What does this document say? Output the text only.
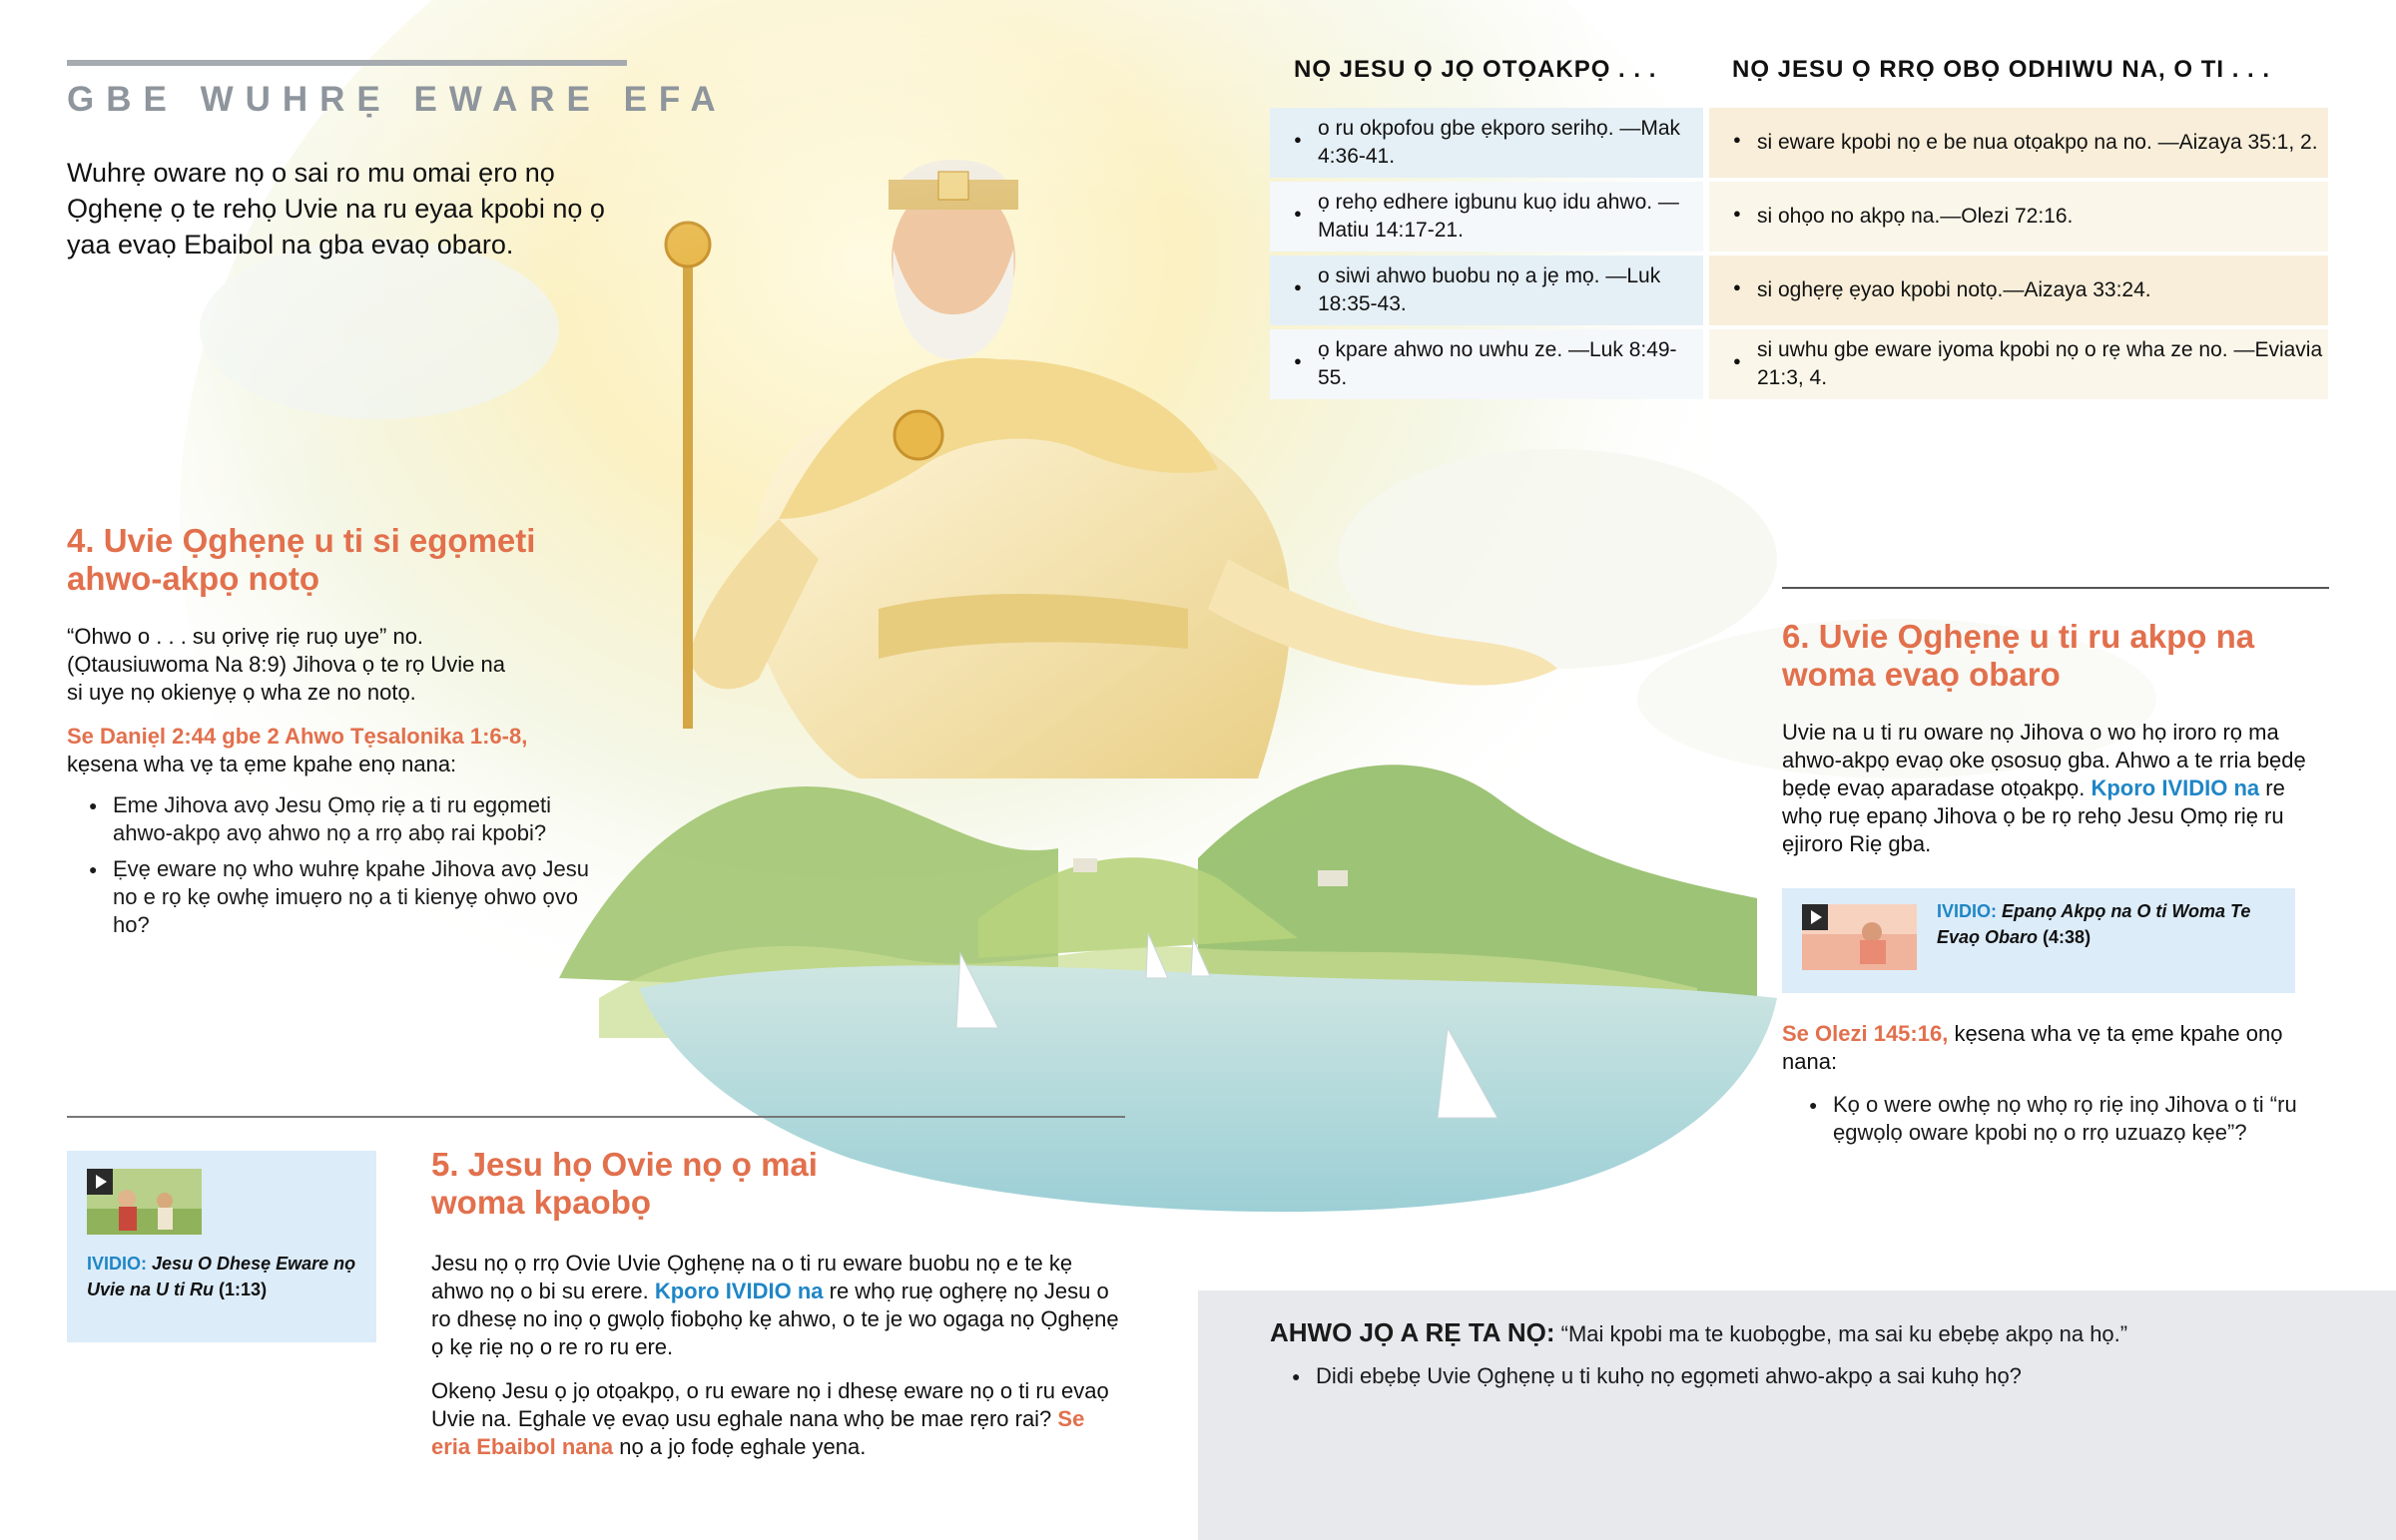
GBE WUHRẸ EWARE EFA
Wuhrẹ oware nọ o sai ro mu omai ẹro nọ Ọghẹnẹ ọ te rehọ Uvie na ru eyaa kpobi nọ ọ yaa evaọ Ebaibol na gba evaọ obaro.
NỌ JESU Ọ JỌ OTỌAKPỌ . . .	NỌ JESU Ọ RRỌ OBỌ ODHIWU NA, O TI . . .
● o ru okpofou gbe ẹkporo serihọ. —Mak 4:36-41.
● ọ rehọ edhere igbunu kuọ idu ahwo. —Matiu 14:17-21.
● o siwi ahwo buobu nọ a jẹ mọ. —Luk 18:35-43.
● ọ kpare ahwo no uwhu ze. —Luk 8:49-55.
● si eware kpobi nọ e be nua otọakpọ na no. —Aizaya 35:1, 2.
● si ohọo no akpọ na.—Olezi 72:16.
● si oghẹrẹ ẹyao kpobi notọ.—Aizaya 33:24.
● si uwhu gbe eware iyoma kpobi nọ o rẹ wha ze no. —Eviavia 21:3, 4.
4. Uvie Ọghẹnẹ u ti si egọmeti ahwo-akpọ notọ
“Ohwo o . . . su ọrivẹ riẹ ruọ uye” no. (Ọtausiuwoma Na 8:9) Jihova ọ te rọ Uvie na si uye nọ okienyẹ ọ wha ze no notọ.
Se Daniẹl 2:44 gbe 2 Ahwo Tẹsalonika 1:6-8, kẹsena wha vẹ ta ẹme kpahe enọ nana:
● Eme Jihova avọ Jesu Ọmọ riẹ a ti ru egọmeti ahwo-akpọ avọ ahwo nọ a rrọ abọ rai kpobi?
● Ẹvẹ eware nọ who wuhrẹ kpahe Jihova avọ Jesu no e rọ kẹ owhẹ imuẹro nọ a ti kienyẹ ohwo ọvo ho?
IVIDIO: Jesu O Dhesẹ Eware nọ Uvie na U ti Ru (1:13)
5. Jesu họ Ovie nọ ọ mai woma kpaobọ
Jesu nọ ọ rrọ Ovie Uvie Ọghẹnẹ na o ti ru eware buobu nọ e te kẹ ahwo nọ o bi su erere. Kporo IVIDIO na re whọ ruẹ oghẹrẹ nọ Jesu o ro dhesẹ no inọ ọ gwọlọ fiobọhọ kẹ ahwo, o te je wo ogaga nọ Ọghẹnẹ ọ kẹ riẹ nọ o re ro ru ere.
Okenọ Jesu ọ jọ otọakpọ, o ru eware nọ i dhesẹ eware nọ o ti ru evaọ Uvie na. Eghale vẹ evaọ usu eghale nana whọ be mae rẹro rai? Se eria Ebaibol nana nọ a jọ fodẹ eghale yena.
6. Uvie Ọghẹnẹ u ti ru akpọ na woma evaọ obaro
Uvie na u ti ru oware nọ Jihova o wo họ iroro rọ ma ahwo-akpọ evaọ oke ọsosuọ gba. Ahwo a te rria bẹdẹ bẹdẹ evaọ aparadase otọakpọ. Kporo IVIDIO na re whọ ruẹ epanọ Jihova ọ be rọ rehọ Jesu Ọmọ riẹ ru ẹjiroro Riẹ gba.
IVIDIO: Epanọ Akpọ na O ti Woma Te Evaọ Obaro (4:38)
Se Olezi 145:16, kẹsena wha vẹ ta ẹme kpahe onọ nana:
● Kọ o were owhẹ nọ whọ rọ riẹ inọ Jihova o ti “ru ẹgwọlọ oware kpobi nọ o rrọ uzuazọ kẹe”?
AHWO JỌ A RẸ TA NỌ: “Mai kpobi ma te kuobọgbe, ma sai ku ebẹbẹ akpọ na họ.”
● Didi ebẹbẹ Uvie Ọghẹnẹ u ti kuhọ nọ egọmeti ahwo-akpọ a sai kuhọ họ?
